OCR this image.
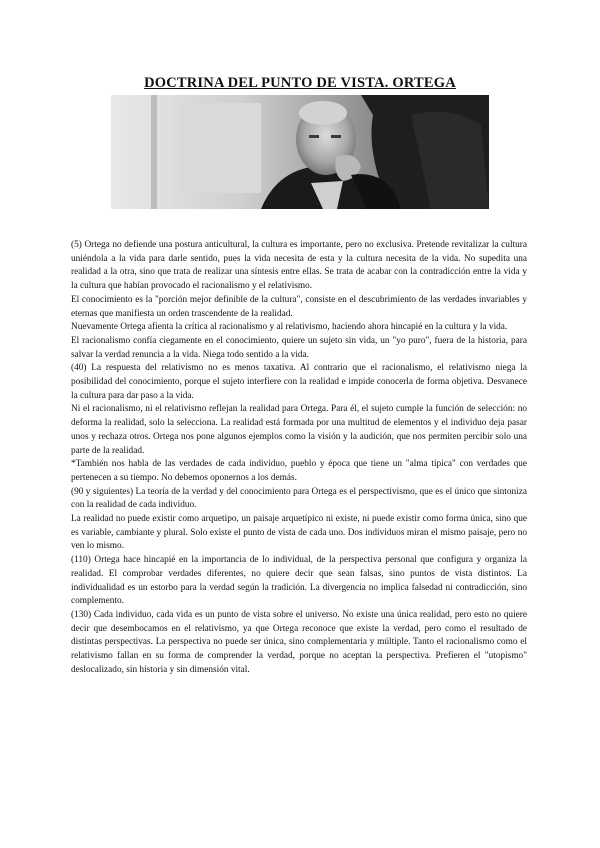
DOCTRINA DEL PUNTO DE VISTA. ORTEGA

(5) Ortega no defiende una postura anticultural, la cultura es importante, pero no exclusiva. Pretende revitalizar la cultura uniéndola a la vida para darle sentido, pues la vida necesita de esta y la cultura necesita de la vida. No supedita una realidad a la otra, sino que trata de realizar una síntesis entre ellas. Se trata de acabar con la contradicción entre la vida y la cultura que habían provocado el racionalismo y el relativismo.

El conocimiento es la "porción mejor definible de la cultura", consiste en el descubrimiento de las verdades invariables y eternas que manifiesta un orden trascendente de la realidad.

Nuevamente Ortega afienta la crítica al racionalismo y al relativismo, haciendo ahora hincapié en la cultura y la vida.

El racionalismo confía ciegamente en el conocimiento, quiere un sujeto sin vida, un "yo puro", fuera de la historia, para salvar la verdad renuncia a la vida. Niega todo sentido a la vida.

(40) La respuesta del relativismo no es menos taxativa. Al contrario que el racionalismo, el relativismo niega la posibilidad del conocimiento, porque el sujeto interfiere con la realidad e impide conocerla de forma objetiva. Desvanece la cultura para dar paso a la vida.

Ni el racionalismo, ni el relativismo reflejan la realidad para Ortega. Para él, el sujeto cumple la función de selección: no deforma la realidad, solo la selecciona. La realidad está formada por una multitud de elementos y el individuo deja pasar unos y rechaza otros. Ortega nos pone algunos ejemplos como la visión y la audición, que nos permiten percibir solo una parte de la realidad.

*También nos habla de las verdades de cada individuo, pueblo y época que tiene un "alma típica" con verdades que pertenecen a su tiempo. No debemos oponernos a los demás.

(90 y siguientes) La teoría de la verdad y del conocimiento para Ortega es el perspectivismo, que es el único que sintoniza con la realidad de cada individuo.

La realidad no puede existir como arquetipo, un paisaje arquetípico ni existe, ni puede existir como forma única, sino que es variable, cambiante y plural. Solo existe el punto de vista de cada uno. Dos individuos miran el mismo paisaje, pero no ven lo mismo.

(110) Ortega hace hincapié en la importancia de lo individual, de la perspectiva personal que configura y organiza la realidad. El comprobar verdades diferentes, no quiere decir que sean falsas, sino puntos de vista distintos. La individualidad es un estorbo para la verdad según la tradición. La divergencia no implica falsedad ni contradicción, sino complemento.

(130) Cada individuo, cada vida es un punto de vista sobre el universo. No existe una única realidad, pero esto no quiere decir que desembocamos en el relativismo, ya que Ortega reconoce que existe la verdad, pero como el resultado de distintas perspectivas. La perspectiva no puede ser única, sino complementaria y múltiple. Tanto el racionalismo como el relativismo fallan en su forma de comprender la verdad, porque no aceptan la perspectiva. Prefieren el "utopismo" deslocalizado, sin historia y sin dimensión vital.
